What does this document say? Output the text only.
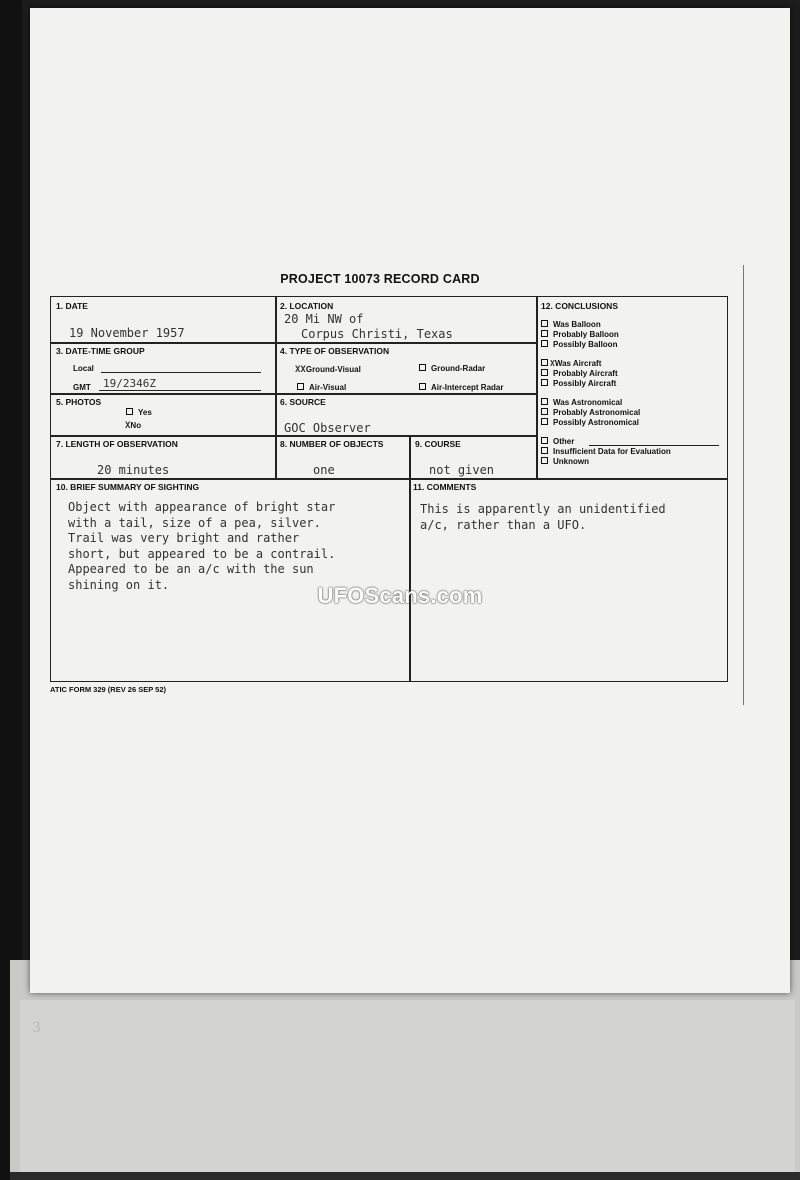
3
PROJECT 10073 RECORD CARD
1. DATE
19 November 1957
2. LOCATION
20 Mi NW of
Corpus Christi, Texas
3. DATE-TIME GROUP
Local
GMT 19/2346Z
4. TYPE OF OBSERVATION
XXGround-Visual	Ground-Radar
Air-Visual	Air-Intercept Radar
5. PHOTOS
Yes
XNo
6. SOURCE
GOC Observer
7. LENGTH OF OBSERVATION
20 minutes
8. NUMBER OF OBJECTS
one
9. COURSE
not given
12. CONCLUSIONS
Was Balloon
Probably Balloon
Possibly Balloon
XWas Aircraft
Probably Aircraft
Possibly Aircraft
Was Astronomical
Probably Astronomical
Possibly Astronomical
Other
Insufficient Data for Evaluation
Unknown
10. BRIEF SUMMARY OF SIGHTING
Object with appearance of bright star
with a tail, size of a pea, silver.
Trail was very bright and rather
short, but appeared to be a contrail.
Appeared to be an a/c with the sun
shining on it.
11. COMMENTS
This is apparently an unidentified
a/c, rather than a UFO.
ATIC FORM 329 (REV 26 SEP 52)
UFOScans.com
